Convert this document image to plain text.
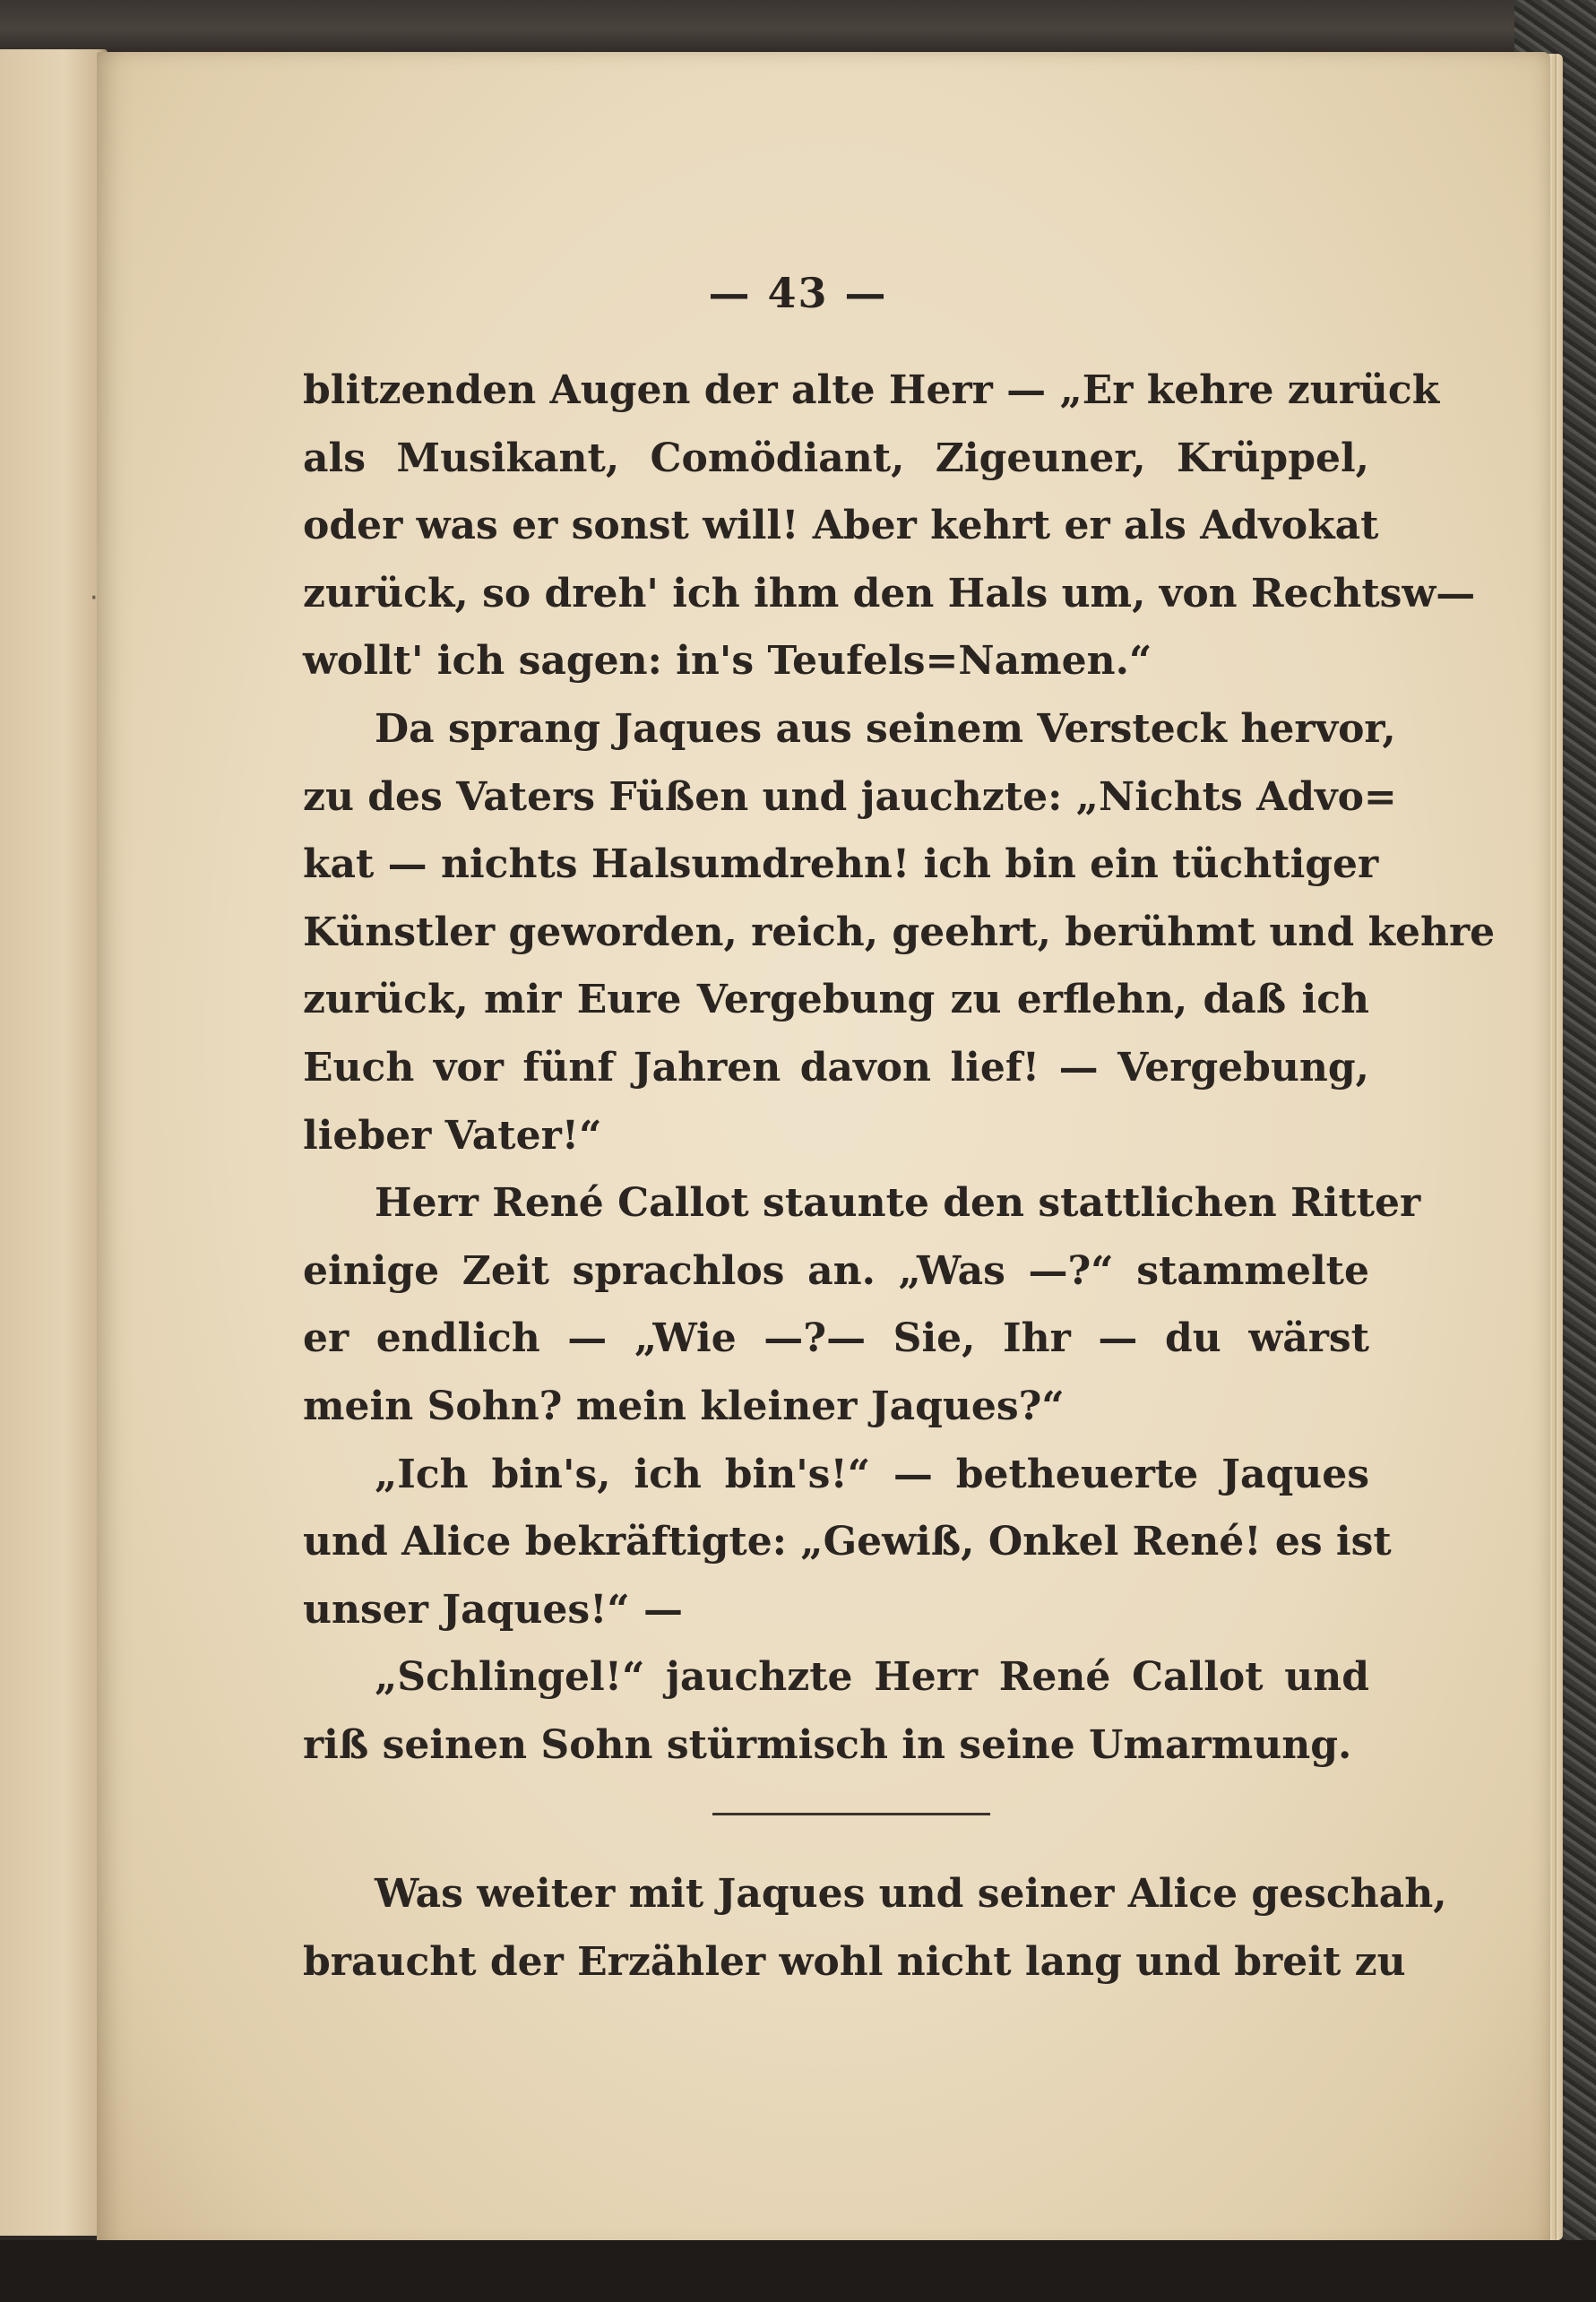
— 43 —
blitzenden Augen der alte Herr — „Er kehre zurück
als Musikant, Comödiant, Zigeuner, Krüppel,
oder was er sonst will! Aber kehrt er als Advokat
zurück, so dreh' ich ihm den Hals um, von Rechtsw—
wollt' ich sagen: in's Teufels=Namen.“
Da sprang Jaques aus seinem Versteck hervor,
zu des Vaters Füßen und jauchzte: „Nichts Advo=
kat — nichts Halsumdrehn! ich bin ein tüchtiger
Künstler geworden, reich, geehrt, berühmt und kehre
zurück, mir Eure Vergebung zu erflehn, daß ich
Euch vor fünf Jahren davon lief! — Vergebung,
lieber Vater!“
Herr René Callot staunte den stattlichen Ritter
einige Zeit sprachlos an. „Was —?“ stammelte
er endlich — „Wie —?— Sie, Ihr — du wärst
mein Sohn? mein kleiner Jaques?“
„Ich bin's, ich bin's!“ — betheuerte Jaques
und Alice bekräftigte: „Gewiß, Onkel René! es ist
unser Jaques!“ —
„Schlingel!“ jauchzte Herr René Callot und
riß seinen Sohn stürmisch in seine Umarmung.
Was weiter mit Jaques und seiner Alice geschah,
braucht der Erzähler wohl nicht lang und breit zu
·
